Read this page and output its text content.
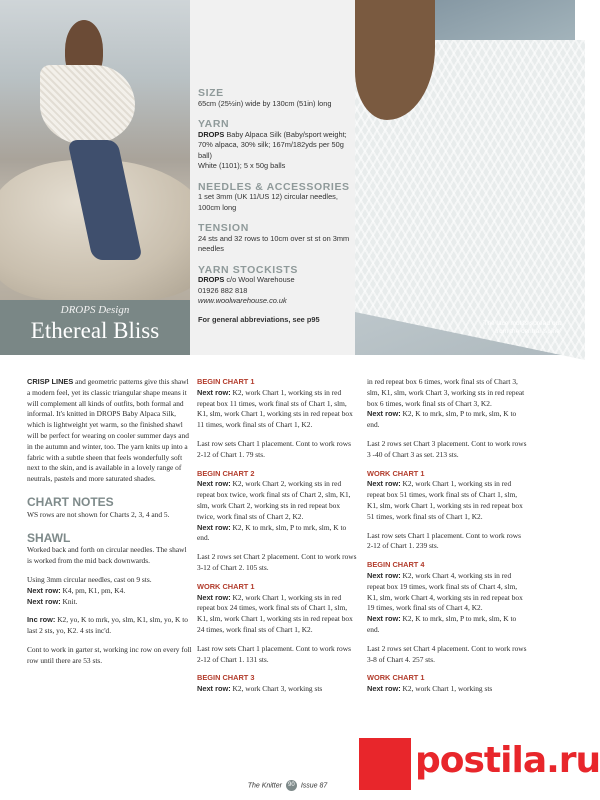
DROPS Design
Ethereal Bliss
SIZE

65cm (25½in) wide by 130cm (51in) long

YARN

DROPS Baby Alpaca Silk (Baby/sport weight; 70% alpaca, 30% silk; 167m/182yds per 50g ball)
White (1101); 5 x 50g balls

NEEDLES & ACCESSORIES

1 set 3mm (UK 11/US 12) circular needles, 100cm long

TENSION

24 sts and 32 rows to 10cm over st st on 3mm needles

YARN STOCKISTS

DROPS c/o Wool Warehouse
01926 882 818
www.woolwarehouse.co.uk

For general abbreviations, see p95	The lace motifs spread out from the central 'spine'

CRISP LINES and geometric patterns give this shawl a modern feel, yet its classic triangular shape means it will complement all kinds of outfits, both formal and informal. It's knitted in DROPS Baby Alpaca Silk, which is lightweight yet warm, so the finished shawl will be perfect for wearing on cooler summer days and in the autumn and winter, too. The yarn knits up into a fabric with a subtle sheen that feels wonderfully soft next to the skin, and is available in a lovely range of neutrals, pastels and more saturated shades.

CHART NOTES

WS rows are not shown for Charts 2, 3, 4 and 5.

SHAWL

Worked back and forth on circular needles. The shawl is worked from the mid back downwards.

Using 3mm circular needles, cast on 9 sts.
Next row: K4, pm, K1, pm, K4.
Next row: Knit.

Inc row: K2, yo, K to mrk, yo, slm, K1, slm, yo, K to last 2 sts, yo, K2. 4 sts inc'd.

Cont to work in garter st, working inc row on every foll row until there are 53 sts.

BEGIN CHART 1

Next row: K2, work Chart 1, working sts in red repeat box 11 times, work final sts of Chart 1, slm, K1, slm, work Chart 1, working sts in red repeat box 11 times, work final sts of Chart 1, K2.

Last row sets Chart 1 placement. Cont to work rows 2-12 of Chart 1. 79 sts.

BEGIN CHART 2

Next row: K2, work Chart 2, working sts in red repeat box twice, work final sts of Chart 2, slm, K1, slm, work Chart 2, working sts in red repeat box twice, work final sts of Chart 2, K2.
Next row: K2, K to mrk, slm, P to mrk, slm, K to end.

Last 2 rows set Chart 2 placement. Cont to work rows 3-12 of Chart 2. 105 sts.

WORK CHART 1

Next row: K2, work Chart 1, working sts in red repeat box 24 times, work final sts of Chart 1, slm, K1, slm, work Chart 1, working sts in red repeat box 24 times, work final sts of Chart 1, K2.

Last row sets Chart 1 placement. Cont to work rows 2-12 of Chart 1. 131 sts.

BEGIN CHART 3

Next row: K2, work Chart 3, working sts

in red repeat box 6 times, work final sts of Chart 3, slm, K1, slm, work Chart 3, working sts in red repeat box 6 times, work final sts of Chart 3, K2.
Next row: K2, K to mrk, slm, P to mrk, slm, K to end.

Last 2 rows set Chart 3 placement. Cont to work rows 3 -40 of Chart 3 as set. 213 sts.

WORK CHART 1

Next row: K2, work Chart 1, working sts in red repeat box 51 times, work final sts of Chart 1, slm, K1, slm, work Chart 1, working sts in red repeat box 51 times, work final sts of Chart 1, K2.

Last row sets Chart 1 placement. Cont to work rows 2-12 of Chart 1. 239 sts.

BEGIN CHART 4

Next row: K2, work Chart 4, working sts in red repeat box 19 times, work final sts of Chart 4, slm, K1, slm, work Chart 4, working sts in red repeat box 19 times, work final sts of Chart 4, K2.
Next row: K2, K to mrk, slm, P to mrk, slm, K to end.

Last 2 rows set Chart 4 placement. Cont to work rows 3-8 of Chart 4. 257 sts.

WORK CHART 1

Next row: K2, work Chart 1, working sts

The Knitter 90 Issue 87
postila.ru
